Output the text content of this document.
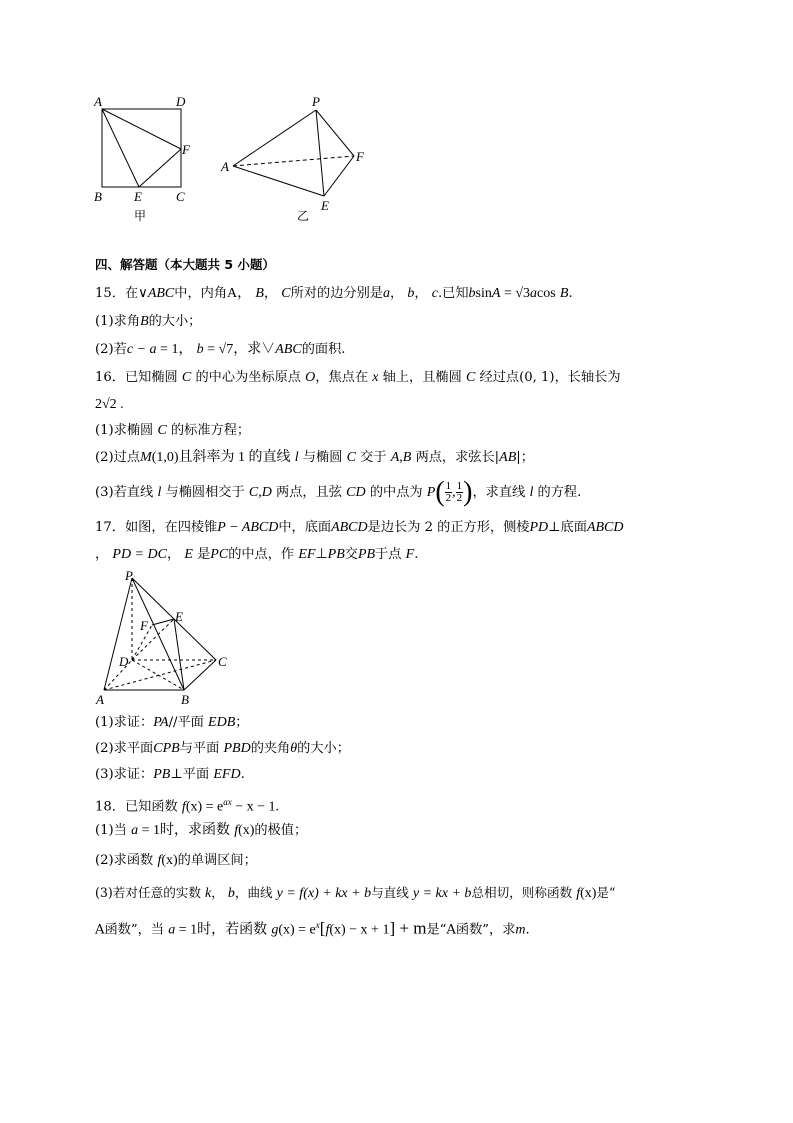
A	D
F
B E	C
甲
P
A
F
E
乙
四、解答题（本大题共 5 小题）
15．在∨ABC中，内角A， B， C所对的边分别是a， b， c.已知bsinA = √3acos B.
(1)求角B的大小；
(2)若c − a = 1， b = √7，求∨ABC的面积.
16．已知椭圆 C 的中心为坐标原点 O，焦点在 x 轴上，且椭圆 C 经过点(0, 1)，长轴长为
2√2 .
(1)求椭圆 C 的标准方程；
(2)过点M(1,0)且斜率为 1 的直线 l 与椭圆 C 交于 A,B 两点，求弦长|AB|；
(3)若直线 l 与椭圆相交于 C,D 两点，且弦 CD 的中点为 $P( \frac{1}{2}$ , $\frac{1}{2}$ )，求直线 l 的方程.
17．如图，在四棱锥P − ABCD中，底面ABCD是边长为 2 的正方形，侧棱PD⊥底面ABCD
， PD = DC， E 是PC的中点，作 EF⊥PB交PB于点 F.
P
F
E
D	C
A	B
(1)求证：PA//平面 EDB；
(2)求平面CPB与平面 PBD的夹角θ的大小；
(3)求证：PB⊥平面 EFD.
18．已知函数 $f(x) = e^{ax} - x - 1$.
(1)当 a = 1时，求函数 f(x)的极值；
(2)求函数 f(x)的单调区间；
(3)若对任意的实数 k， b，曲线 y = f(x) + kx + b与直线 y = kx + b总相切，则称函数 f(x)是“
A函数”，当 a = 1时，若函数 $g(x) = e^x[f(x) - x + 1] + m$是“A函数”，求m.
